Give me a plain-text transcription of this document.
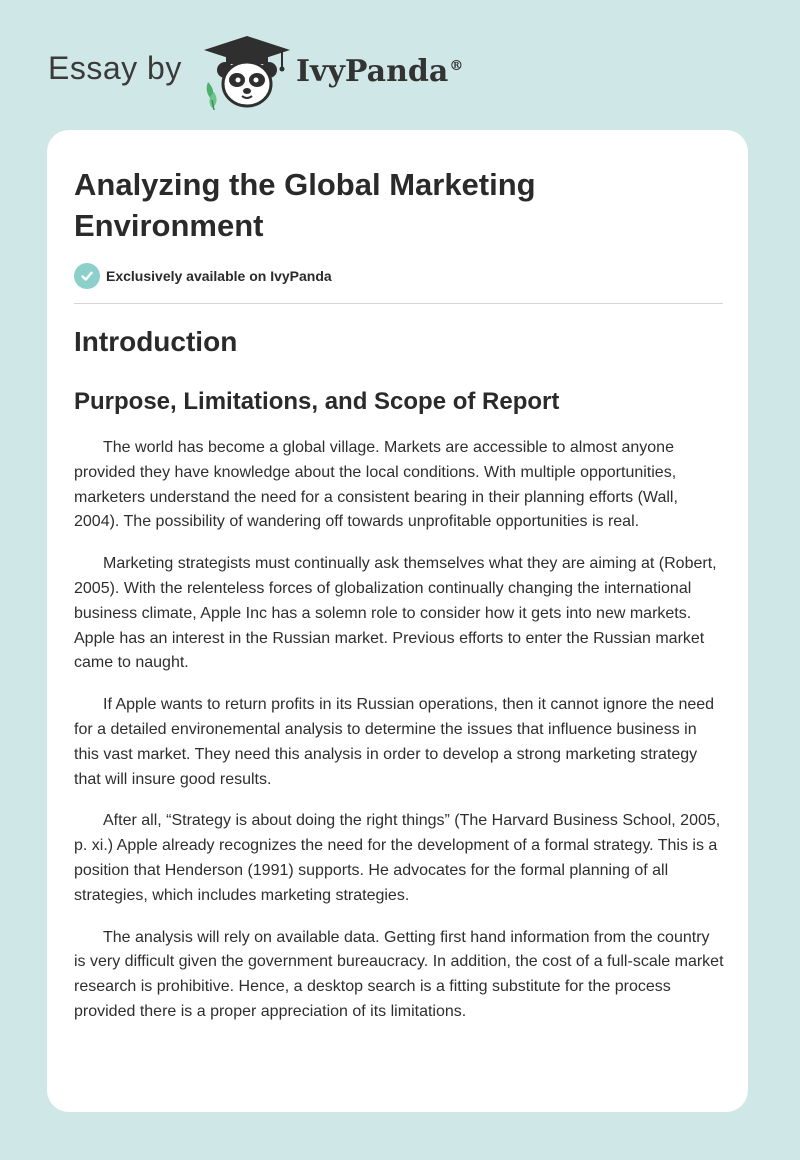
Essay by	IvyPanda®
Analyzing the Global Marketing Environment
Exclusively available on IvyPanda
Introduction
Purpose, Limitations, and Scope of Report

The world has become a global village. Markets are accessible to almost anyone provided they have knowledge about the local conditions. With multiple opportunities, marketers understand the need for a consistent bearing in their planning efforts (Wall, 2004). The possibility of wandering off towards unprofitable opportunities is real.

Marketing strategists must continually ask themselves what they are aiming at (Robert, 2005). With the relenteless forces of globalization continually changing the international business climate, Apple Inc has a solemn role to consider how it gets into new markets. Apple has an interest in the Russian market. Previous efforts to enter the Russian market came to naught.

If Apple wants to return profits in its Russian operations, then it cannot ignore the need for a detailed environemental analysis to determine the issues that influence business in this vast market. They need this analysis in order to develop a strong marketing strategy that will insure good results.

After all, “Strategy is about doing the right things” (The Harvard Business School, 2005, p. xi.) Apple already recognizes the need for the development of a formal strategy. This is a position that Henderson (1991) supports. He advocates for the formal planning of all strategies, which includes marketing strategies.

The analysis will rely on available data. Getting first hand information from the country is very difficult given the government bureaucracy. In addition, the cost of a full-scale market research is prohibitive. Hence, a desktop search is a fitting substitute for the process provided there is a proper appreciation of its limitations.
